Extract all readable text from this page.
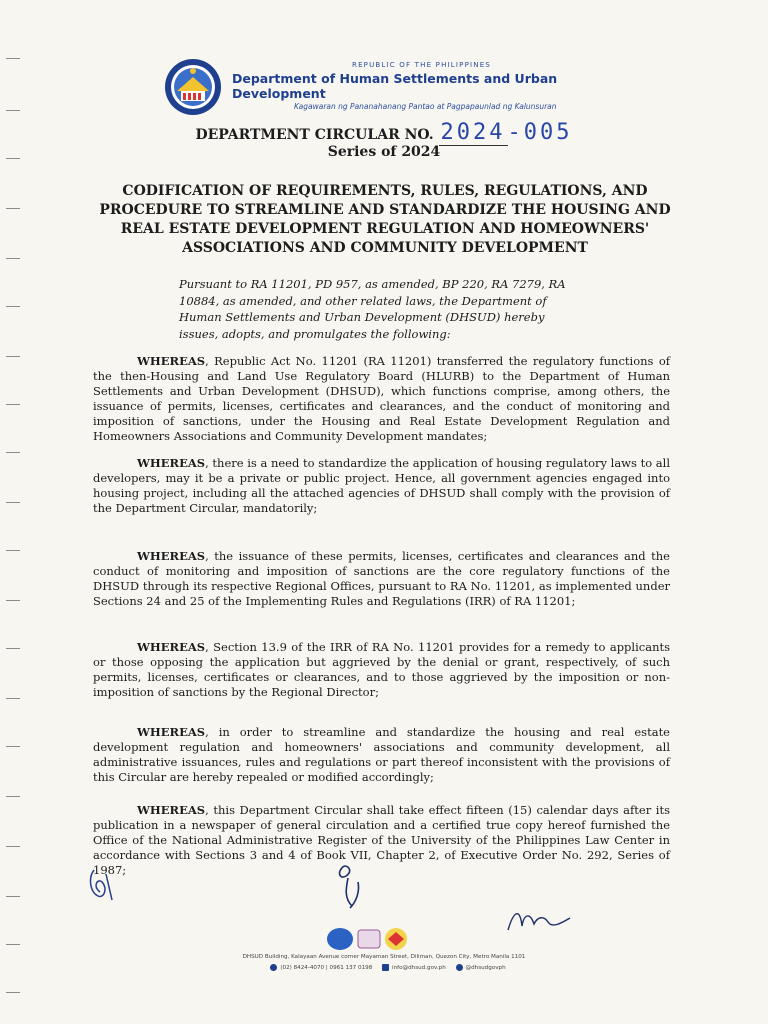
REPUBLIC OF THE PHILIPPINES
Department of Human Settlements and Urban Development
Kagawaran ng Pananahanang Pantao at Pagpapaunlad ng Kalunsuran
DEPARTMENT CIRCULAR NO. 2024-005
Series of 2024
CODIFICATION OF REQUIREMENTS, RULES, REGULATIONS, AND PROCEDURE TO STREAMLINE AND STANDARDIZE THE HOUSING AND REAL ESTATE DEVELOPMENT REGULATION AND HOMEOWNERS' ASSOCIATIONS AND COMMUNITY DEVELOPMENT
Pursuant to RA 11201, PD 957, as amended, BP 220, RA 7279, RA 10884, as amended, and other related laws, the Department of Human Settlements and Urban Development (DHSUD) hereby issues, adopts, and promulgates the following:
WHEREAS, Republic Act No. 11201 (RA 11201) transferred the regulatory functions of the then-Housing and Land Use Regulatory Board (HLURB) to the Department of Human Settlements and Urban Development (DHSUD), which functions comprise, among others, the issuance of permits, licenses, certificates and clearances, and the conduct of monitoring and imposition of sanctions, under the Housing and Real Estate Development Regulation and Homeowners Associations and Community Development mandates;
WHEREAS, there is a need to standardize the application of housing regulatory laws to all developers, may it be a private or public project. Hence, all government agencies engaged into housing project, including all the attached agencies of DHSUD shall comply with the provision of the Department Circular, mandatorily;
WHEREAS, the issuance of these permits, licenses, certificates and clearances and the conduct of monitoring and imposition of sanctions are the core regulatory functions of the DHSUD through its respective Regional Offices, pursuant to RA No. 11201, as implemented under Sections 24 and 25 of the Implementing Rules and Regulations (IRR) of RA 11201;
WHEREAS, Section 13.9 of the IRR of RA No. 11201 provides for a remedy to applicants or those opposing the application but aggrieved by the denial or grant, respectively, of such permits, licenses, certificates or clearances, and to those aggrieved by the imposition or non-imposition of sanctions by the Regional Director;
WHEREAS, in order to streamline and standardize the housing and real estate development regulation and homeowners' associations and community development, all administrative issuances, rules and regulations or part thereof inconsistent with the provisions of this Circular are hereby repealed or modified accordingly;
WHEREAS, this Department Circular shall take effect fifteen (15) calendar days after its publication in a newspaper of general circulation and a certified true copy hereof furnished the Office of the National Administrative Register of the University of the Philippines Law Center in accordance with Sections 3 and 4 of Book VII, Chapter 2, of Executive Order No. 292, Series of 1987;
DHSUD Building, Kalayaan Avenue corner Mayaman Street, Diliman, Quezon City, Metro Manila 1101
(02) 8424-4070 | 0961 137 0198	info@dhsud.gov.ph	@dhsudgovph
